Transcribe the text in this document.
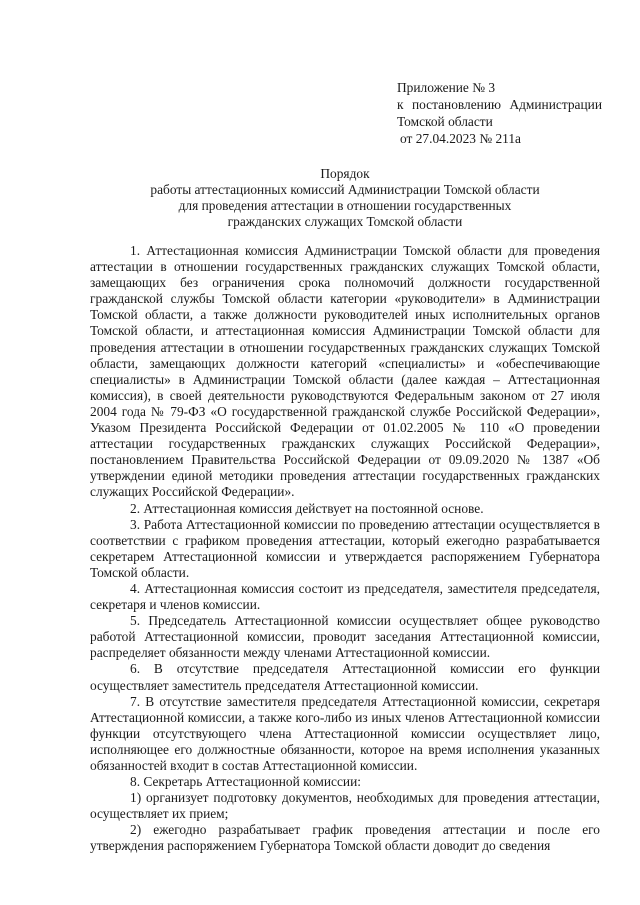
Приложение № 3
к постановлению Администрации
Томской области
от 27.04.2023 № 211а
Порядок
работы аттестационных комиссий Администрации Томской области
для проведения аттестации в отношении государственных
гражданских служащих Томской области

1. Аттестационная комиссия Администрации Томской области для проведения аттестации в отношении государственных гражданских служащих Томской области, замещающих без ограничения срока полномочий должности государственной гражданской службы Томской области категории «руководители» в Администрации Томской области, а также должности руководителей иных исполнительных органов Томской области, и аттестационная комиссия Администрации Томской области для проведения аттестации в отношении государственных гражданских служащих Томской области, замещающих должности категорий «специалисты» и «обеспечивающие специалисты» в Администрации Томской области (далее каждая – Аттестационная комиссия), в своей деятельности руководствуются Федеральным законом от 27 июля 2004 года № 79-ФЗ «О государственной гражданской службе Российской Федерации», Указом Президента Российской Федерации от 01.02.2005 № 110 «О проведении аттестации государственных гражданских служащих Российской Федерации», постановлением Правительства Российской Федерации от 09.09.2020 № 1387 «Об утверждении единой методики проведения аттестации государственных гражданских служащих Российской Федерации».

2. Аттестационная комиссия действует на постоянной основе.

3. Работа Аттестационной комиссии по проведению аттестации осуществляется в соответствии с графиком проведения аттестации, который ежегодно разрабатывается секретарем Аттестационной комиссии и утверждается распоряжением Губернатора Томской области.

4. Аттестационная комиссия состоит из председателя, заместителя председателя, секретаря и членов комиссии.

5. Председатель Аттестационной комиссии осуществляет общее руководство работой Аттестационной комиссии, проводит заседания Аттестационной комиссии, распределяет обязанности между членами Аттестационной комиссии.

6. В отсутствие председателя Аттестационной комиссии его функции осуществляет заместитель председателя Аттестационной комиссии.

7. В отсутствие заместителя председателя Аттестационной комиссии, секретаря Аттестационной комиссии, а также кого-либо из иных членов Аттестационной комиссии функции отсутствующего члена Аттестационной комиссии осуществляет лицо, исполняющее его должностные обязанности, которое на время исполнения указанных обязанностей входит в состав Аттестационной комиссии.

8. Секретарь Аттестационной комиссии:

1) организует подготовку документов, необходимых для проведения аттестации, осуществляет их прием;

2) ежегодно разрабатывает график проведения аттестации и после его утверждения распоряжением Губернатора Томской области доводит до сведения
